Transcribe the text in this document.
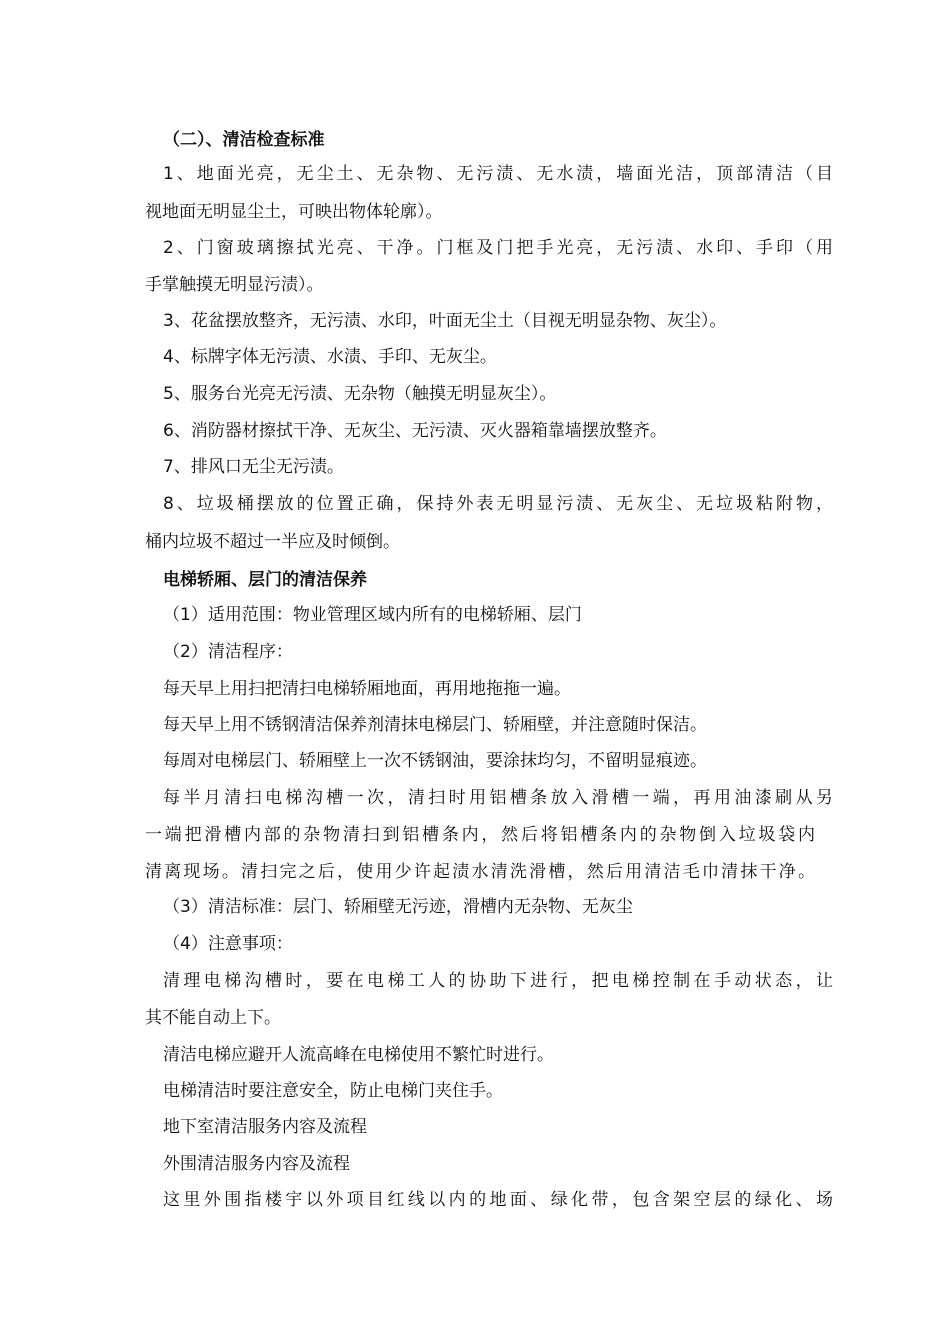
（二）、清洁检查标准
1、地面光亮，无尘土、无杂物、无污渍、无水渍，墙面光洁，顶部清洁（目
视地面无明显尘土，可映出物体轮廓）。
2、门窗玻璃擦拭光亮、干净。门框及门把手光亮，无污渍、水印、手印（用
手掌触摸无明显污渍）。
3、花盆摆放整齐，无污渍、水印，叶面无尘土（目视无明显杂物、灰尘）。
4、标牌字体无污渍、水渍、手印、无灰尘。
5、服务台光亮无污渍、无杂物（触摸无明显灰尘）。
6、消防器材擦拭干净、无灰尘、无污渍、灭火器箱靠墙摆放整齐。
7、排风口无尘无污渍。
8、垃圾桶摆放的位置正确，保持外表无明显污渍、无灰尘、无垃圾粘附物，
桶内垃圾不超过一半应及时倾倒。
电梯轿厢、层门的清洁保养
（1）适用范围：物业管理区域内所有的电梯轿厢、层门
（2）清洁程序：
每天早上用扫把清扫电梯轿厢地面，再用地拖拖一遍。
每天早上用不锈钢清洁保养剂清抹电梯层门、轿厢壁，并注意随时保洁。
每周对电梯层门、轿厢壁上一次不锈钢油，要涂抹均匀，不留明显痕迹。
每半月清扫电梯沟槽一次，清扫时用铝槽条放入滑槽一端，再用油漆刷从另
一端把滑槽内部的杂物清扫到铝槽条内，然后将铝槽条内的杂物倒入垃圾袋内
清离现场。清扫完之后，使用少许起渍水清洗滑槽，然后用清洁毛巾清抹干净。
（3）清洁标准：层门、轿厢壁无污迹，滑槽内无杂物、无灰尘
（4）注意事项：
清理电梯沟槽时，要在电梯工人的协助下进行，把电梯控制在手动状态，让
其不能自动上下。
清洁电梯应避开人流高峰在电梯使用不繁忙时进行。
电梯清洁时要注意安全，防止电梯门夹住手。
地下室清洁服务内容及流程
外围清洁服务内容及流程
这里外围指楼宇以外项目红线以内的地面、绿化带，包含架空层的绿化、场
